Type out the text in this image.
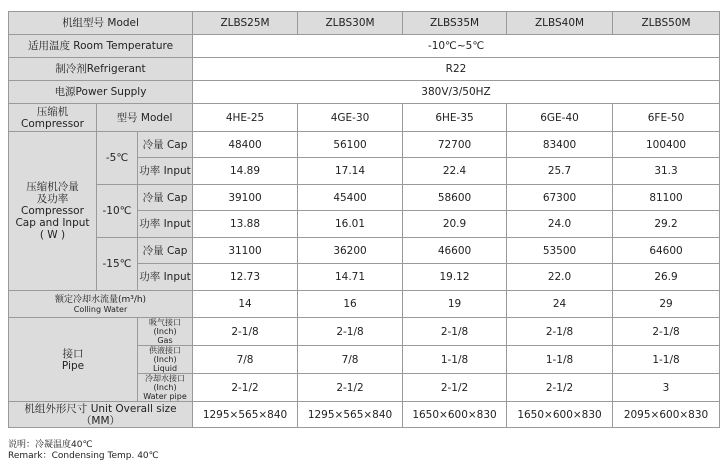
机组型号 Model			ZLBS25M	ZLBS30M	ZLBS35M	ZLBS40M	ZLBS50M
适用温度 Room Temperature			-10℃~5℃				
制冷剂Refrigerant			R22				
电源Power Supply			380V/3/50HZ				

压缩机
Compressor	型号 Model		4HE-25	4GE-30	6HE-35	6GE-40	6FE-50

压缩机冷量
及功率
Compressor
Cap and Input
( W )	-5℃	冷量 Cap	48400	56100	72700	83400	100400
		功率 Input	14.89	17.14	22.4	25.7	31.3
	-10℃	冷量 Cap	39100	45400	58600	67300	81100
		功率 Input	13.88	16.01	20.9	24.0	29.2
	-15℃	冷量 Cap	31100	36200	46600	53500	64600
		功率 Input	12.73	14.71	19.12	22.0	26.9

额定冷却水流量(m³/h)
Colling Water			14	16	19	24	29

接口
Pipe		吸气接口(Inch)
Gas	2-1/8	2-1/8	2-1/8	2-1/8	2-1/8

		供液接口(Inch)
Liquid	7/8	7/8	1-1/8	1-1/8	1-1/8

		冷却水接口(Inch)
Water pipe	2-1/2	2-1/2	2-1/2	2-1/2	3
机组外形尺寸 Unit Overall size（MM）			1295×565×840	1295×565×840	1650×600×830	1650×600×830	2095×600×830
说明：冷凝温度40℃
Remark：Condensing Temp. 40℃
